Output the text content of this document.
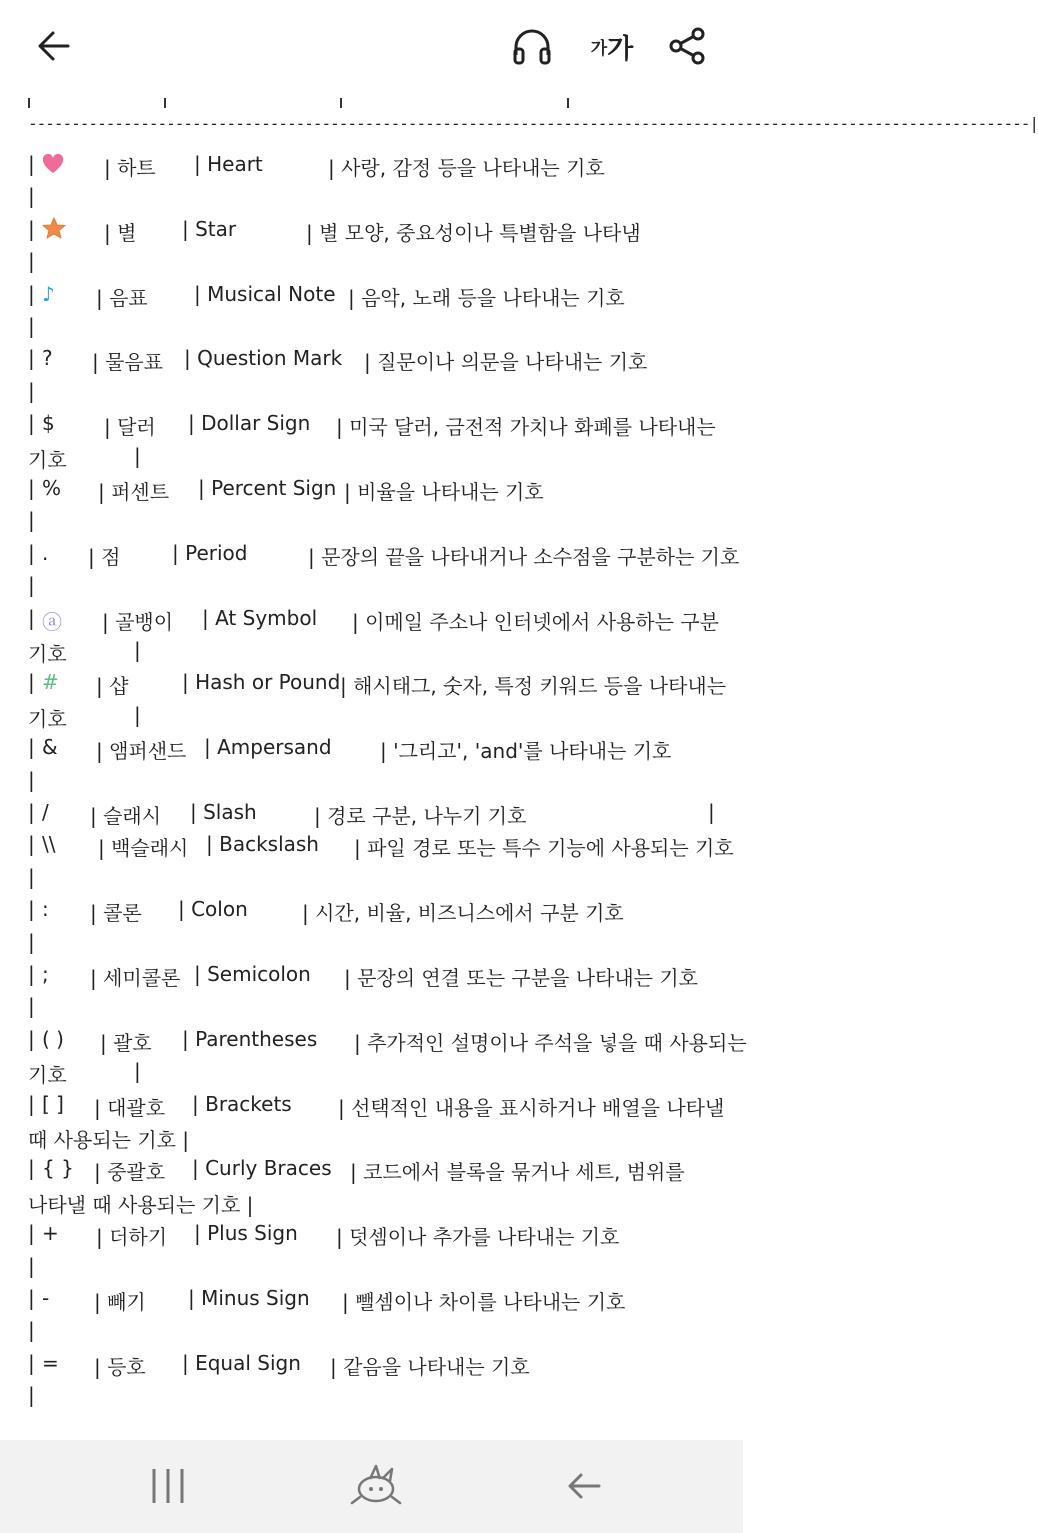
가 가
--------------------------------------------------------------------------------------------------------------------|
|	| 하트 | Heart	| 사랑, 감정 등을 나타내는 기호
|
|	| 별 | Star	| 별 모양, 중요성이나 특별함을 나타냄
|
| ♪ | 음표 | Musical Note | 음악, 노래 등을 나타내는 기호
|
| ? | 물음표 | Question Mark | 질문이나 의문을 나타내는 기호
|
| $ | 달러 | Dollar Sign | 미국 달러, 금전적 가치나 화폐를 나타내는
기호	|
| % | 퍼센트 | Percent Sign | 비율을 나타내는 기호
|
| . | 점	| Period	| 문장의 끝을 나타내거나 소수점을 구분하는 기호
|
| ⓐ | 골뱅이 | At Symbol | 이메일 주소나 인터넷에서 사용하는 구분
기호	|
| # | 샵	| Hash or Pound | 해시태그, 숫자, 특정 키워드 등을 나타내는
기호	|
| & | 앰퍼샌드 | Ampersand | '그리고', 'and'를 나타내는 기호
|
| / | 슬래시 | Slash	| 경로 구분, 나누기 기호	|
| \\ | 백슬래시 | Backslash | 파일 경로 또는 특수 기능에 사용되는 기호
|
| : | 콜론 | Colon	| 시간, 비율, 비즈니스에서 구분 기호
|
| ; | 세미콜론 | Semicolon | 문장의 연결 또는 구분을 나타내는 기호
|
| ( ) | 괄호 | Parentheses | 추가적인 설명이나 주석을 넣을 때 사용되는
기호	|
| [ ] | 대괄호 | Brackets | 선택적인 내용을 표시하거나 배열을 나타낼
때 사용되는 기호 |
| { } | 중괄호 | Curly Braces | 코드에서 블록을 묶거나 세트, 범위를
나타낼 때 사용되는 기호 |
| + | 더하기 | Plus Sign | 덧셈이나 추가를 나타내는 기호
|
| - | 빼기 | Minus Sign | 뺄셈이나 차이를 나타내는 기호
|
| = | 등호 | Equal Sign | 같음을 나타내는 기호
|
